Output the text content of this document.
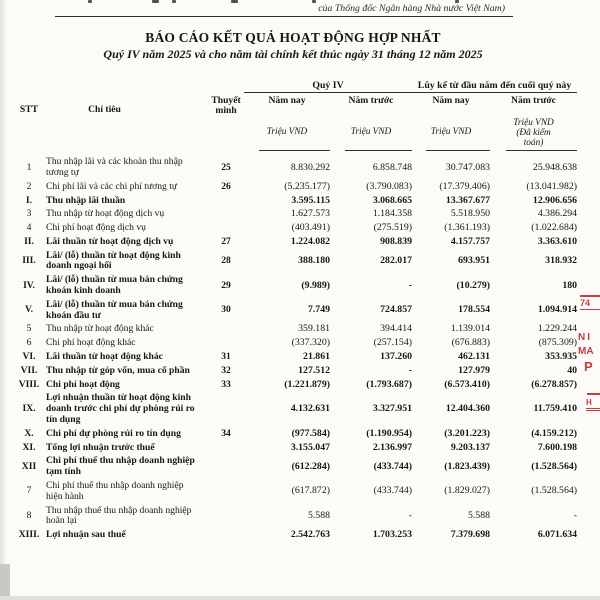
của Thống đốc Ngân hàng Nhà nước Việt Nam)
BÁO CÁO KẾT QUẢ HOẠT ĐỘNG HỢP NHẤT
Quý IV năm 2025 và cho năm tài chính kết thúc ngày 31 tháng 12 năm 2025
			Quý IV		Lũy kế từ đầu năm đến cuối quý này	
STT	Chỉ tiêu	Thuyết minh	Năm nay	Năm trước	Năm nay	Năm trước
			Triệu VND	Triệu VND	Triệu VND	Triệu VND
(Đã kiểm toán)

1	Thu nhập lãi và các khoản thu nhập tương tự	25	8.830.292	6.858.748	30.747.083	25.948.638
2	Chi phí lãi và các chi phí tương tự	26	(5.235.177)	(3.790.083)	(17.379.406)	(13.041.982)
I.	Thu nhập lãi thuần		3.595.115	3.068.665	13.367.677	12.906.656
3	Thu nhập từ hoạt động dịch vụ		1.627.573	1.184.358	5.518.950	4.386.294
4	Chi phí hoạt động dịch vụ		(403.491)	(275.519)	(1.361.193)	(1.022.684)
II.	Lãi thuần từ hoạt động dịch vụ	27	1.224.082	908.839	4.157.757	3.363.610
III.	Lãi/ (lỗ) thuần từ hoạt động kinh doanh ngoại hối	28	388.180	282.017	693.951	318.932
IV.	Lãi/ (lỗ) thuần từ mua bán chứng khoán kinh doanh	29	(9.989)	-	(10.279)	180
V.	Lãi/ (lỗ) thuần từ mua bán chứng khoán đầu tư	30	7.749	724.857	178.554	1.094.914
5	Thu nhập từ hoạt động khác		359.181	394.414	1.139.014	1.229.244
6	Chi phí hoạt động khác		(337.320)	(257.154)	(676.883)	(875.309)
VI.	Lãi thuần từ hoạt động khác	31	21.861	137.260	462.131	353.935
VII.	Thu nhập từ góp vốn, mua cổ phần	32	127.512	-	127.979	40
VIII.	Chi phí hoạt động	33	(1.221.879)	(1.793.687)	(6.573.410)	(6.278.857)
IX.	Lợi nhuận thuần từ hoạt động kinh doanh trước chi phí dự phòng rủi ro tín dụng		4.132.631	3.327.951	12.404.360	11.759.410
X.	Chi phí dự phòng rủi ro tín dụng	34	(977.584)	(1.190.954)	(3.201.223)	(4.159.212)
XI.	Tổng lợi nhuận trước thuế		3.155.047	2.136.997	9.203.137	7.600.198
XII	Chi phí thuế thu nhập doanh nghiệp tạm tính		(612.284)	(433.744)	(1.823.439)	(1.528.564)
7	Chi phí thuế thu nhập doanh nghiệp hiện hành		(617.872)	(433.744)	(1.829.027)	(1.528.564)
8	Thu nhập thuế thu nhập doanh nghiệp hoãn lại		5.588	-	5.588	-
XIII.	Lợi nhuận sau thuế		2.542.763	1.703.253	7.379.698	6.071.634
74
NI
MA
P
H
